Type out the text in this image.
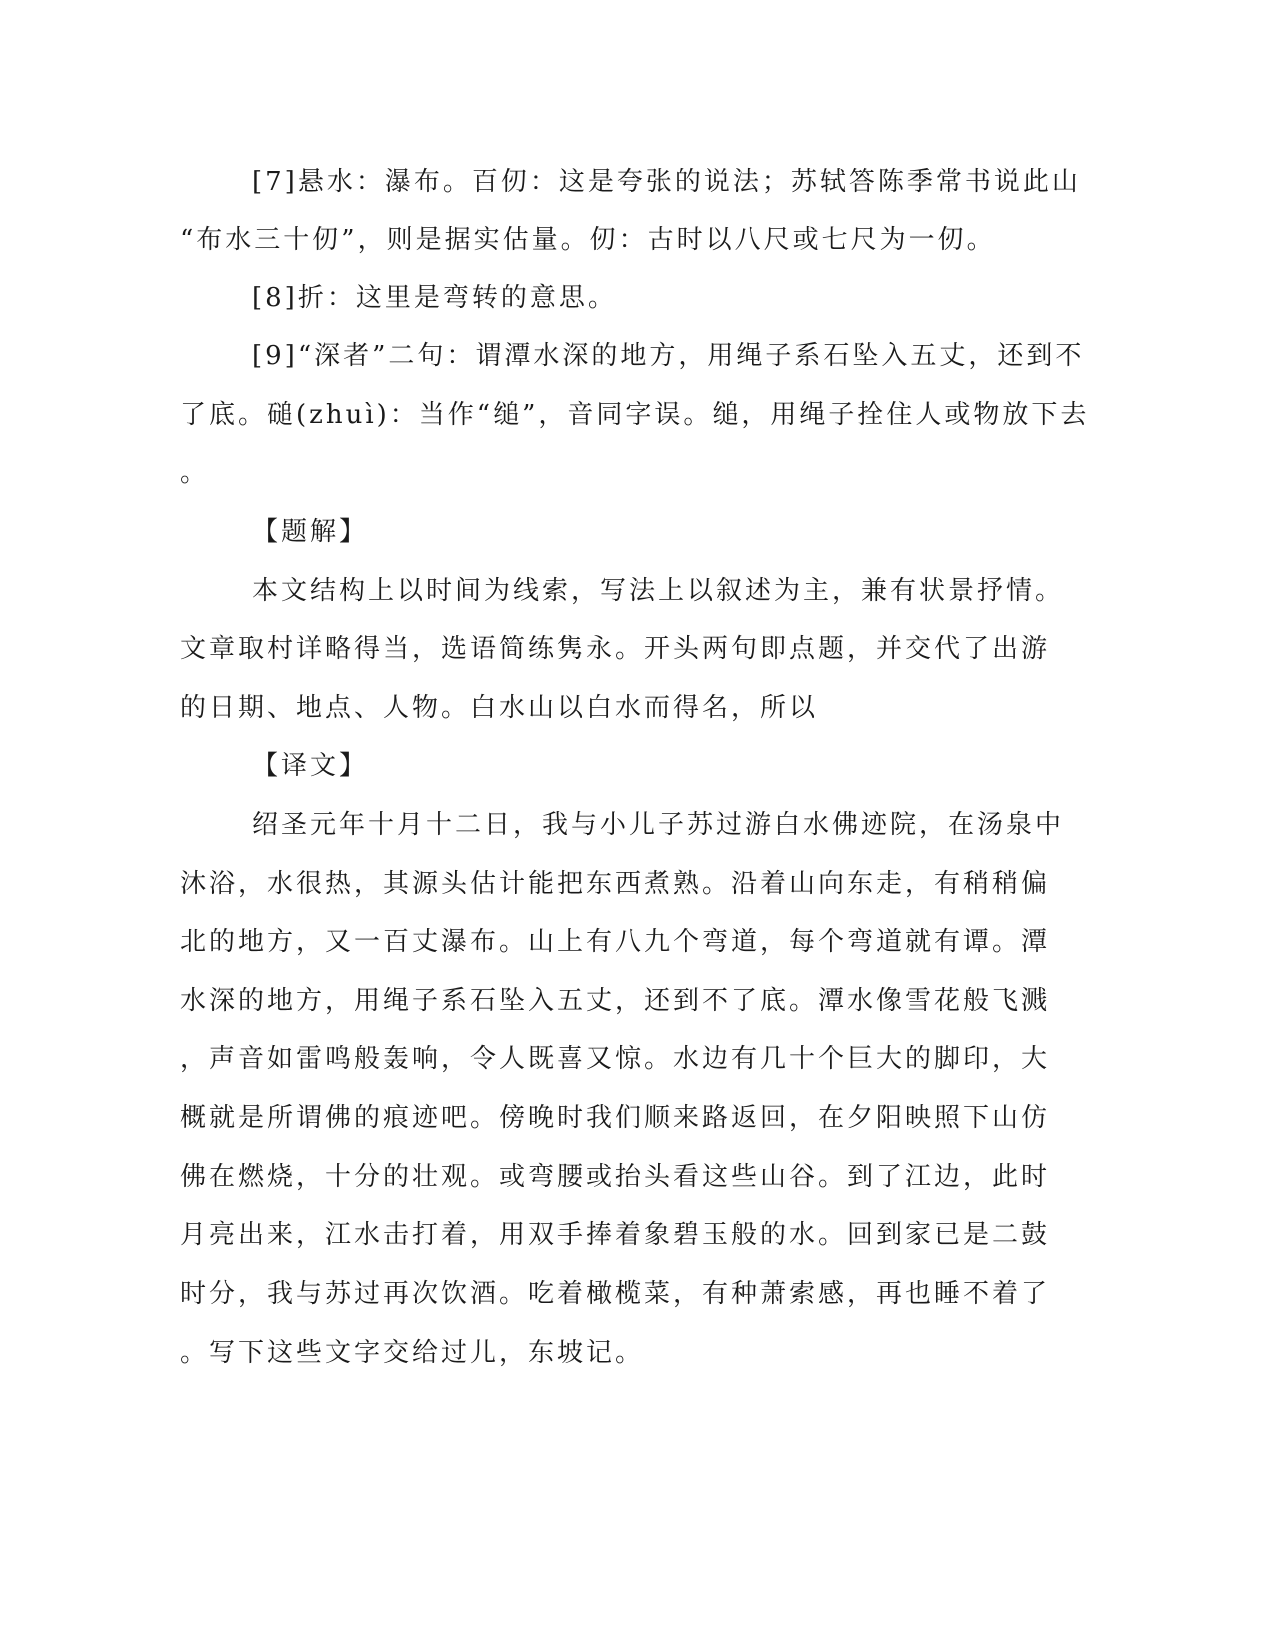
[7]悬水：瀑布。百仞：这是夸张的说法；苏轼答陈季常书说此山
“布水三十仞”，则是据实估量。仞：古时以八尺或七尺为一仞。
[8]折：这里是弯转的意思。
[9]“深者”二句：谓潭水深的地方，用绳子系石坠入五丈，还到不
了底。磓(zhuì)：当作“缒”，音同字误。缒，用绳子拴住人或物放下去
。
【题解】
本文结构上以时间为线索，写法上以叙述为主，兼有状景抒情。
文章取村详略得当，选语简练隽永。开头两句即点题，并交代了出游
的日期、地点、人物。白水山以白水而得名，所以
【译文】
绍圣元年十月十二日，我与小儿子苏过游白水佛迹院，在汤泉中
沐浴，水很热，其源头估计能把东西煮熟。沿着山向东走，有稍稍偏
北的地方，又一百丈瀑布。山上有八九个弯道，每个弯道就有谭。潭
水深的地方，用绳子系石坠入五丈，还到不了底。潭水像雪花般飞溅
，声音如雷鸣般轰响，令人既喜又惊。水边有几十个巨大的脚印，大
概就是所谓佛的痕迹吧。傍晚时我们顺来路返回，在夕阳映照下山仿
佛在燃烧，十分的壮观。或弯腰或抬头看这些山谷。到了江边，此时
月亮出来，江水击打着，用双手捧着象碧玉般的水。回到家已是二鼓
时分，我与苏过再次饮酒。吃着橄榄菜，有种萧索感，再也睡不着了
。写下这些文字交给过儿，东坡记。
